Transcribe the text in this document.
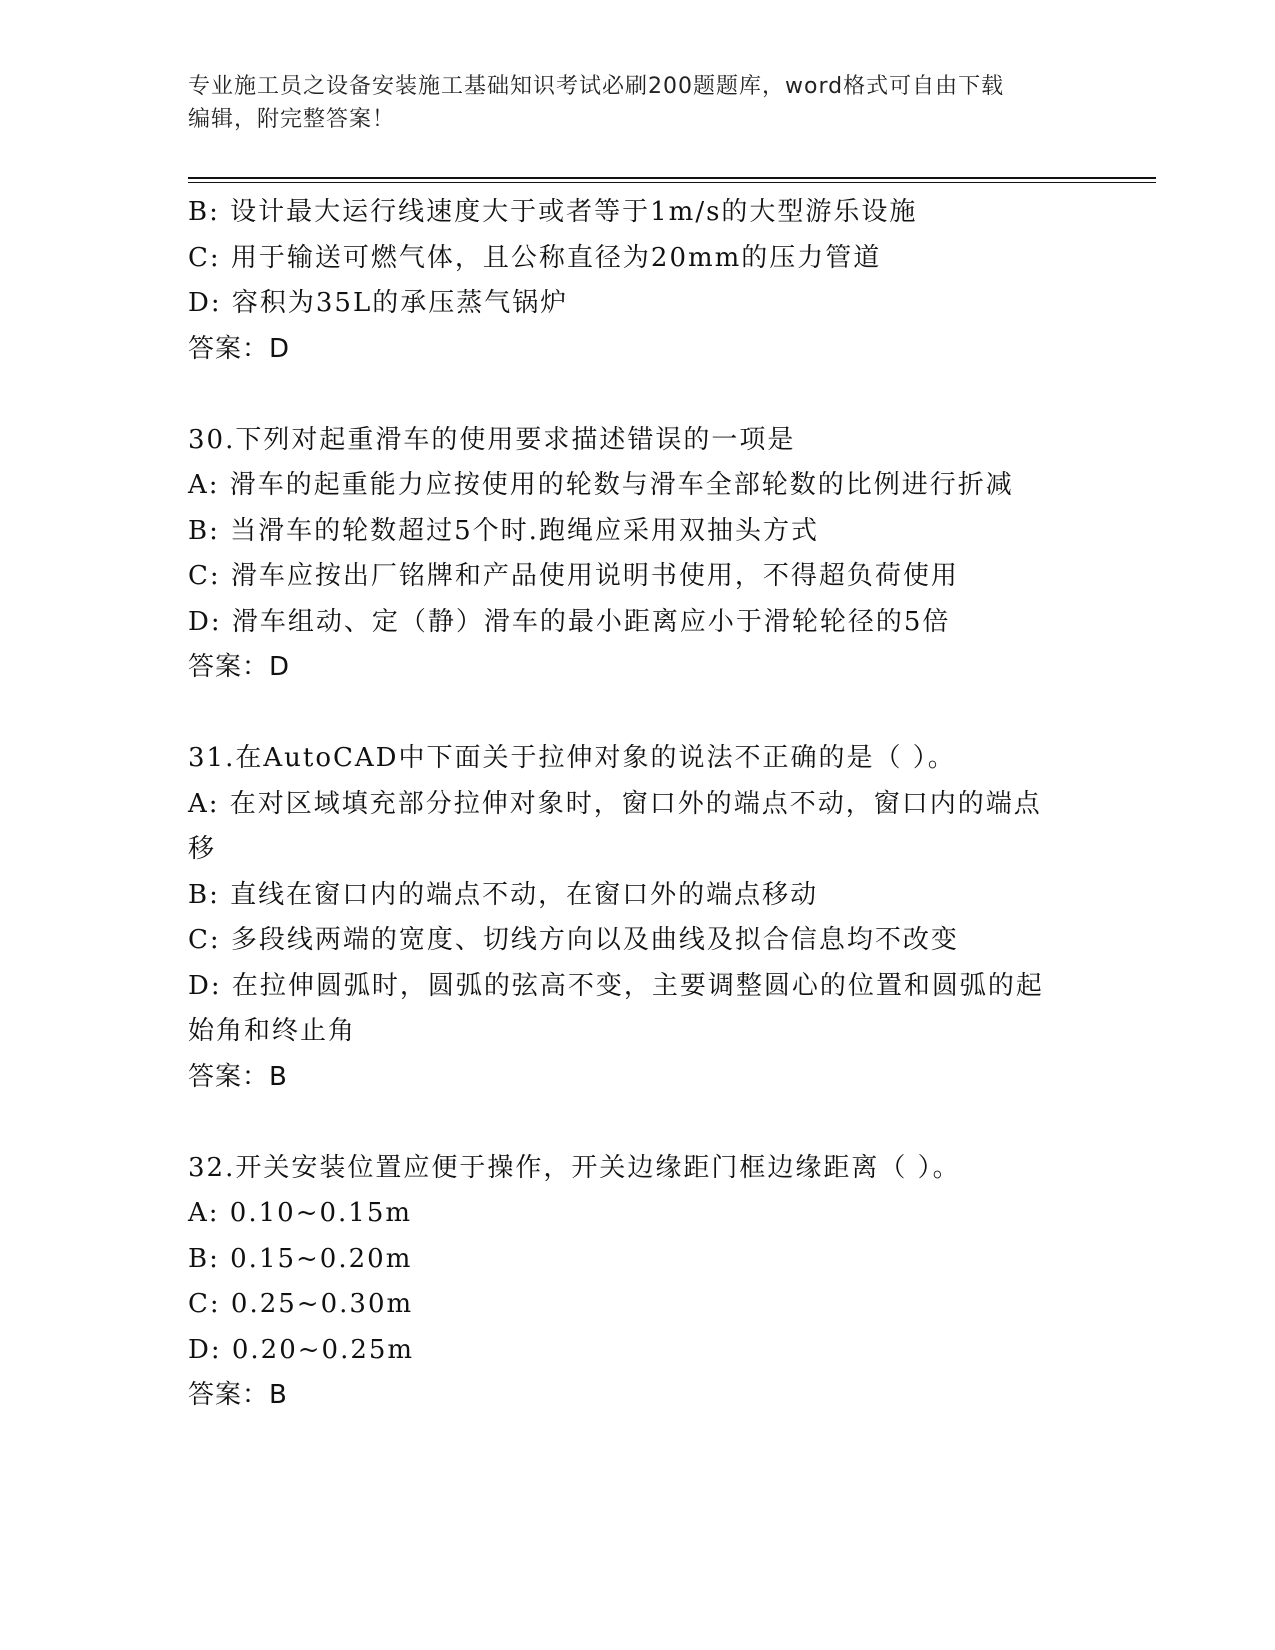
专业施工员之设备安装施工基础知识考试必刷200题题库，word格式可自由下载
编辑，附完整答案！
B: 设计最大运行线速度大于或者等于1m/s的大型游乐设施
C: 用于输送可燃气体，且公称直径为20mm的压力管道
D: 容积为35L的承压蒸气锅炉
答案：D
30.下列对起重滑车的使用要求描述错误的一项是
A: 滑车的起重能力应按使用的轮数与滑车全部轮数的比例进行折减
B: 当滑车的轮数超过5个时.跑绳应采用双抽头方式
C: 滑车应按出厂铭牌和产品使用说明书使用，不得超负荷使用
D: 滑车组动、定（静）滑车的最小距离应小于滑轮轮径的5倍
答案：D
31.在AutoCAD中下面关于拉伸对象的说法不正确的是（ ）。
A: 在对区域填充部分拉伸对象时，窗口外的端点不动，窗口内的端点
移
B: 直线在窗口内的端点不动，在窗口外的端点移动
C: 多段线两端的宽度、切线方向以及曲线及拟合信息均不改变
D: 在拉伸圆弧时，圆弧的弦高不变，主要调整圆心的位置和圆弧的起
始角和终止角
答案：B
32.开关安装位置应便于操作，开关边缘距门框边缘距离（ ）。
A: 0.10~0.15m
B: 0.15~0.20m
C: 0.25~0.30m
D: 0.20~0.25m
答案：B
